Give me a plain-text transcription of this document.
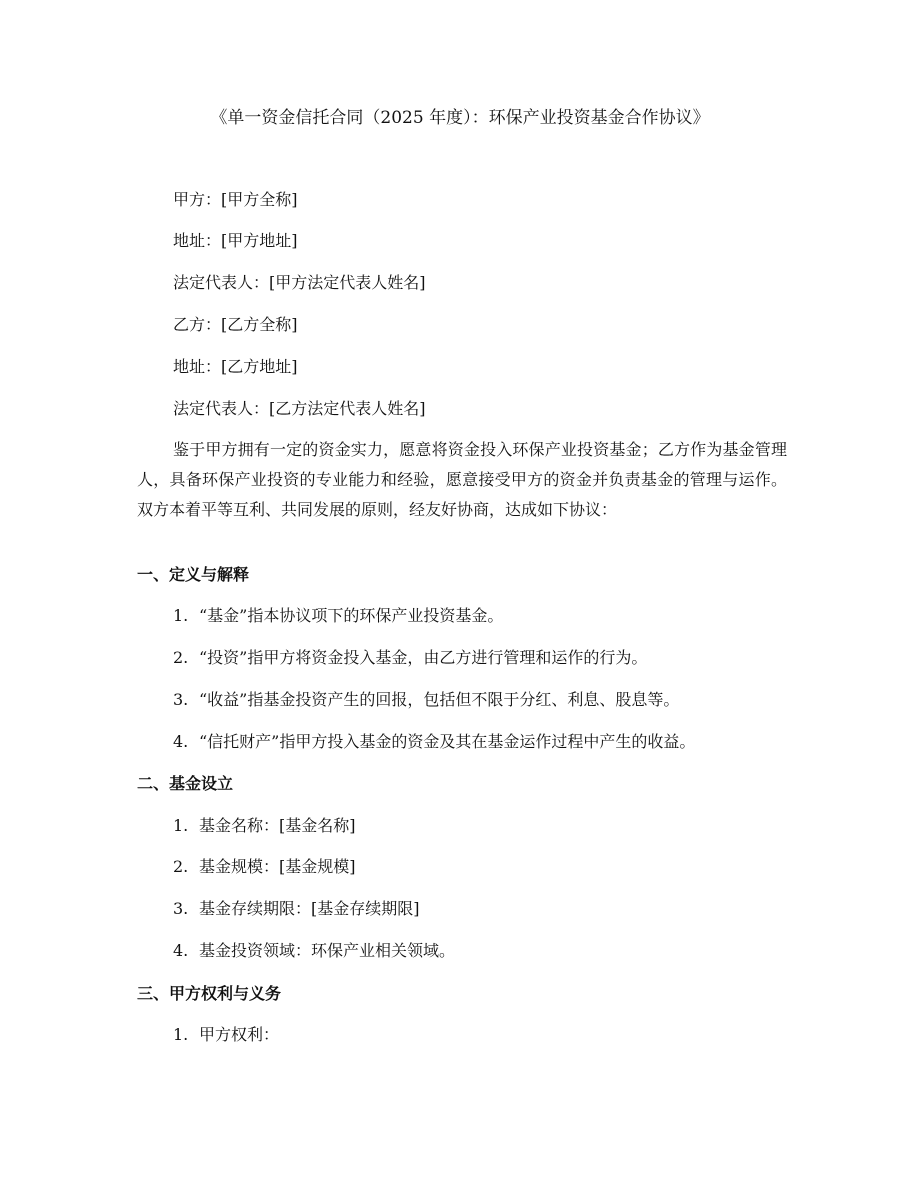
《单一资金信托合同（2025 年度）：环保产业投资基金合作协议》
甲方：[甲方全称]
地址：[甲方地址]
法定代表人：[甲方法定代表人姓名]
乙方：[乙方全称]
地址：[乙方地址]
法定代表人：[乙方法定代表人姓名]
鉴于甲方拥有一定的资金实力，愿意将资金投入环保产业投资基金；乙方作为基金管理人，具备环保产业投资的专业能力和经验，愿意接受甲方的资金并负责基金的管理与运作。双方本着平等互利、共同发展的原则，经友好协商，达成如下协议：
一、定义与解释
1. “基金”指本协议项下的环保产业投资基金。
2. “投资”指甲方将资金投入基金，由乙方进行管理和运作的行为。
3. “收益”指基金投资产生的回报，包括但不限于分红、利息、股息等。
4. “信托财产”指甲方投入基金的资金及其在基金运作过程中产生的收益。
二、基金设立
1. 基金名称：[基金名称]
2. 基金规模：[基金规模]
3. 基金存续期限：[基金存续期限]
4. 基金投资领域：环保产业相关领域。
三、甲方权利与义务
1. 甲方权利：
